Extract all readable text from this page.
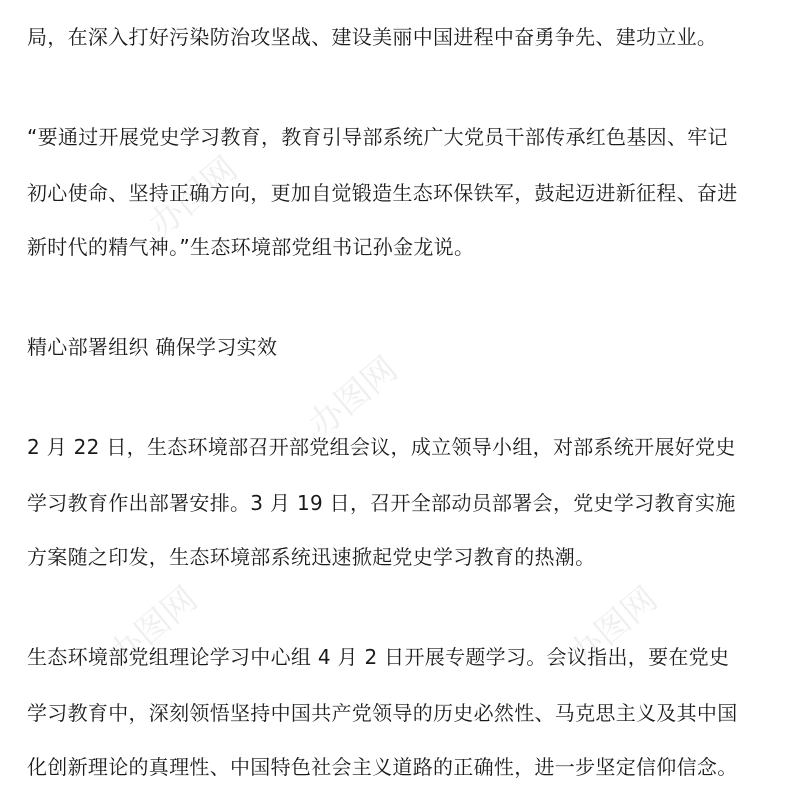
办图网
办图网
办图网	办图网
局，在深入打好污染防治攻坚战、建设美丽中国进程中奋勇争先、建功立业。
“要通过开展党史学习教育，教育引导部系统广大党员干部传承红色基因、牢记
初心使命、坚持正确方向，更加自觉锻造生态环保铁军，鼓起迈进新征程、奋进
新时代的精气神。”生态环境部党组书记孙金龙说。
精心部署组织 确保学习实效
2 月 22 日，生态环境部召开部党组会议，成立领导小组，对部系统开展好党史
学习教育作出部署安排。3 月 19 日，召开全部动员部署会，党史学习教育实施
方案随之印发，生态环境部系统迅速掀起党史学习教育的热潮。
生态环境部党组理论学习中心组 4 月 2 日开展专题学习。会议指出，要在党史
学习教育中，深刻领悟坚持中国共产党领导的历史必然性、马克思主义及其中国
化创新理论的真理性、中国特色社会主义道路的正确性，进一步坚定信仰信念。
